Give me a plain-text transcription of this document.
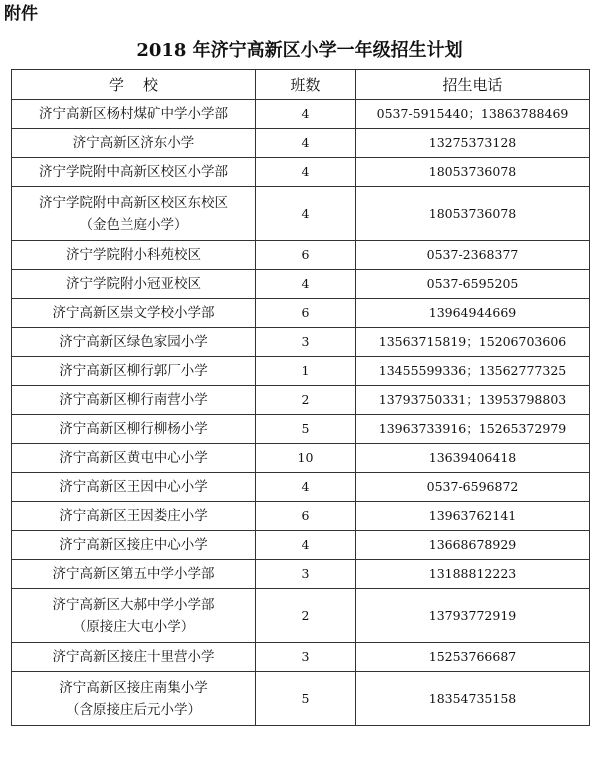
附件
2018 年济宁高新区小学一年级招生计划
学    校	班数	招生电话

济宁高新区杨村煤矿中学小学部	4	0537-5915440；13863788469

济宁高新区济东小学	4	13275373128

济宁学院附中高新区校区小学部	4	18053736078

济宁学院附中高新区校区东校区
（金色兰庭小学）	4	18053736078

济宁学院附小科苑校区	6	0537-2368377

济宁学院附小冠亚校区	4	0537-6595205

济宁高新区崇文学校小学部	6	13964944669

济宁高新区绿色家园小学	3	13563715819；15206703606

济宁高新区柳行郭厂小学	1	13455599336；13562777325

济宁高新区柳行南营小学	2	13793750331；13953798803

济宁高新区柳行柳杨小学	5	13963733916；15265372979

济宁高新区黄屯中心小学	10	13639406418

济宁高新区王因中心小学	4	0537-6596872

济宁高新区王因娄庄小学	6	13963762141

济宁高新区接庄中心小学	4	13668678929

济宁高新区第五中学小学部	3	13188812223

济宁高新区大郝中学小学部
（原接庄大屯小学）	2	13793772919

济宁高新区接庄十里营小学	3	15253766687

济宁高新区接庄南集小学
（含原接庄后元小学）	5	18354735158
